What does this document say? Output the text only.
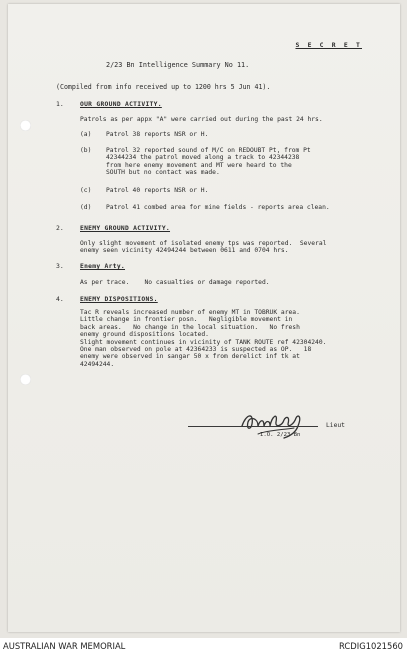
S E C R E T
2/23 Bn Intelligence Summary No 11.
(Compiled from info received up to 1200 hrs 5 Jun 41).
1.	OUR GROUND ACTIVITY.
Patrols as per appx "A" were carried out during the past 24 hrs.
(a) Patrol 38 reports NSR or H.
(b) Patrol 32 reported sound of M/C on REDOUBT Pt, from Pt
42344234 the patrol moved along a track to 42344238
from here enemy movement and MT were heard to the
SOUTH but no contact was made.
(c) Patrol 40 reports NSR or H.
(d) Patrol 41 combed area for mine fields - reports area clean.
2.	ENEMY GROUND ACTIVITY.
Only slight movement of isolated enemy tps was reported.  Several
enemy seen vicinity 42494244 between 0611 and 0704 hrs.
3.	Enemy Arty.
As per trace.    No casualties or damage reported.
4.	ENEMY DISPOSITIONS.
Tac R reveals increased number of enemy MT in TOBRUK area.
Little change in frontier posn.   Negligible movement in
back areas.   No change in the local situation.   No fresh
enemy ground dispositions located.
Slight movement continues in vicinity of TANK ROUTE ref 42304240.
One man observed on pole at 42364233 is suspected as OP.   18
enemy were observed in sangar 50 x from derelict inf tk at
42494244.
Lieut
I.O. 2/23 Bn
AUSTRALIAN WAR MEMORIAL	RCDIG1021560
